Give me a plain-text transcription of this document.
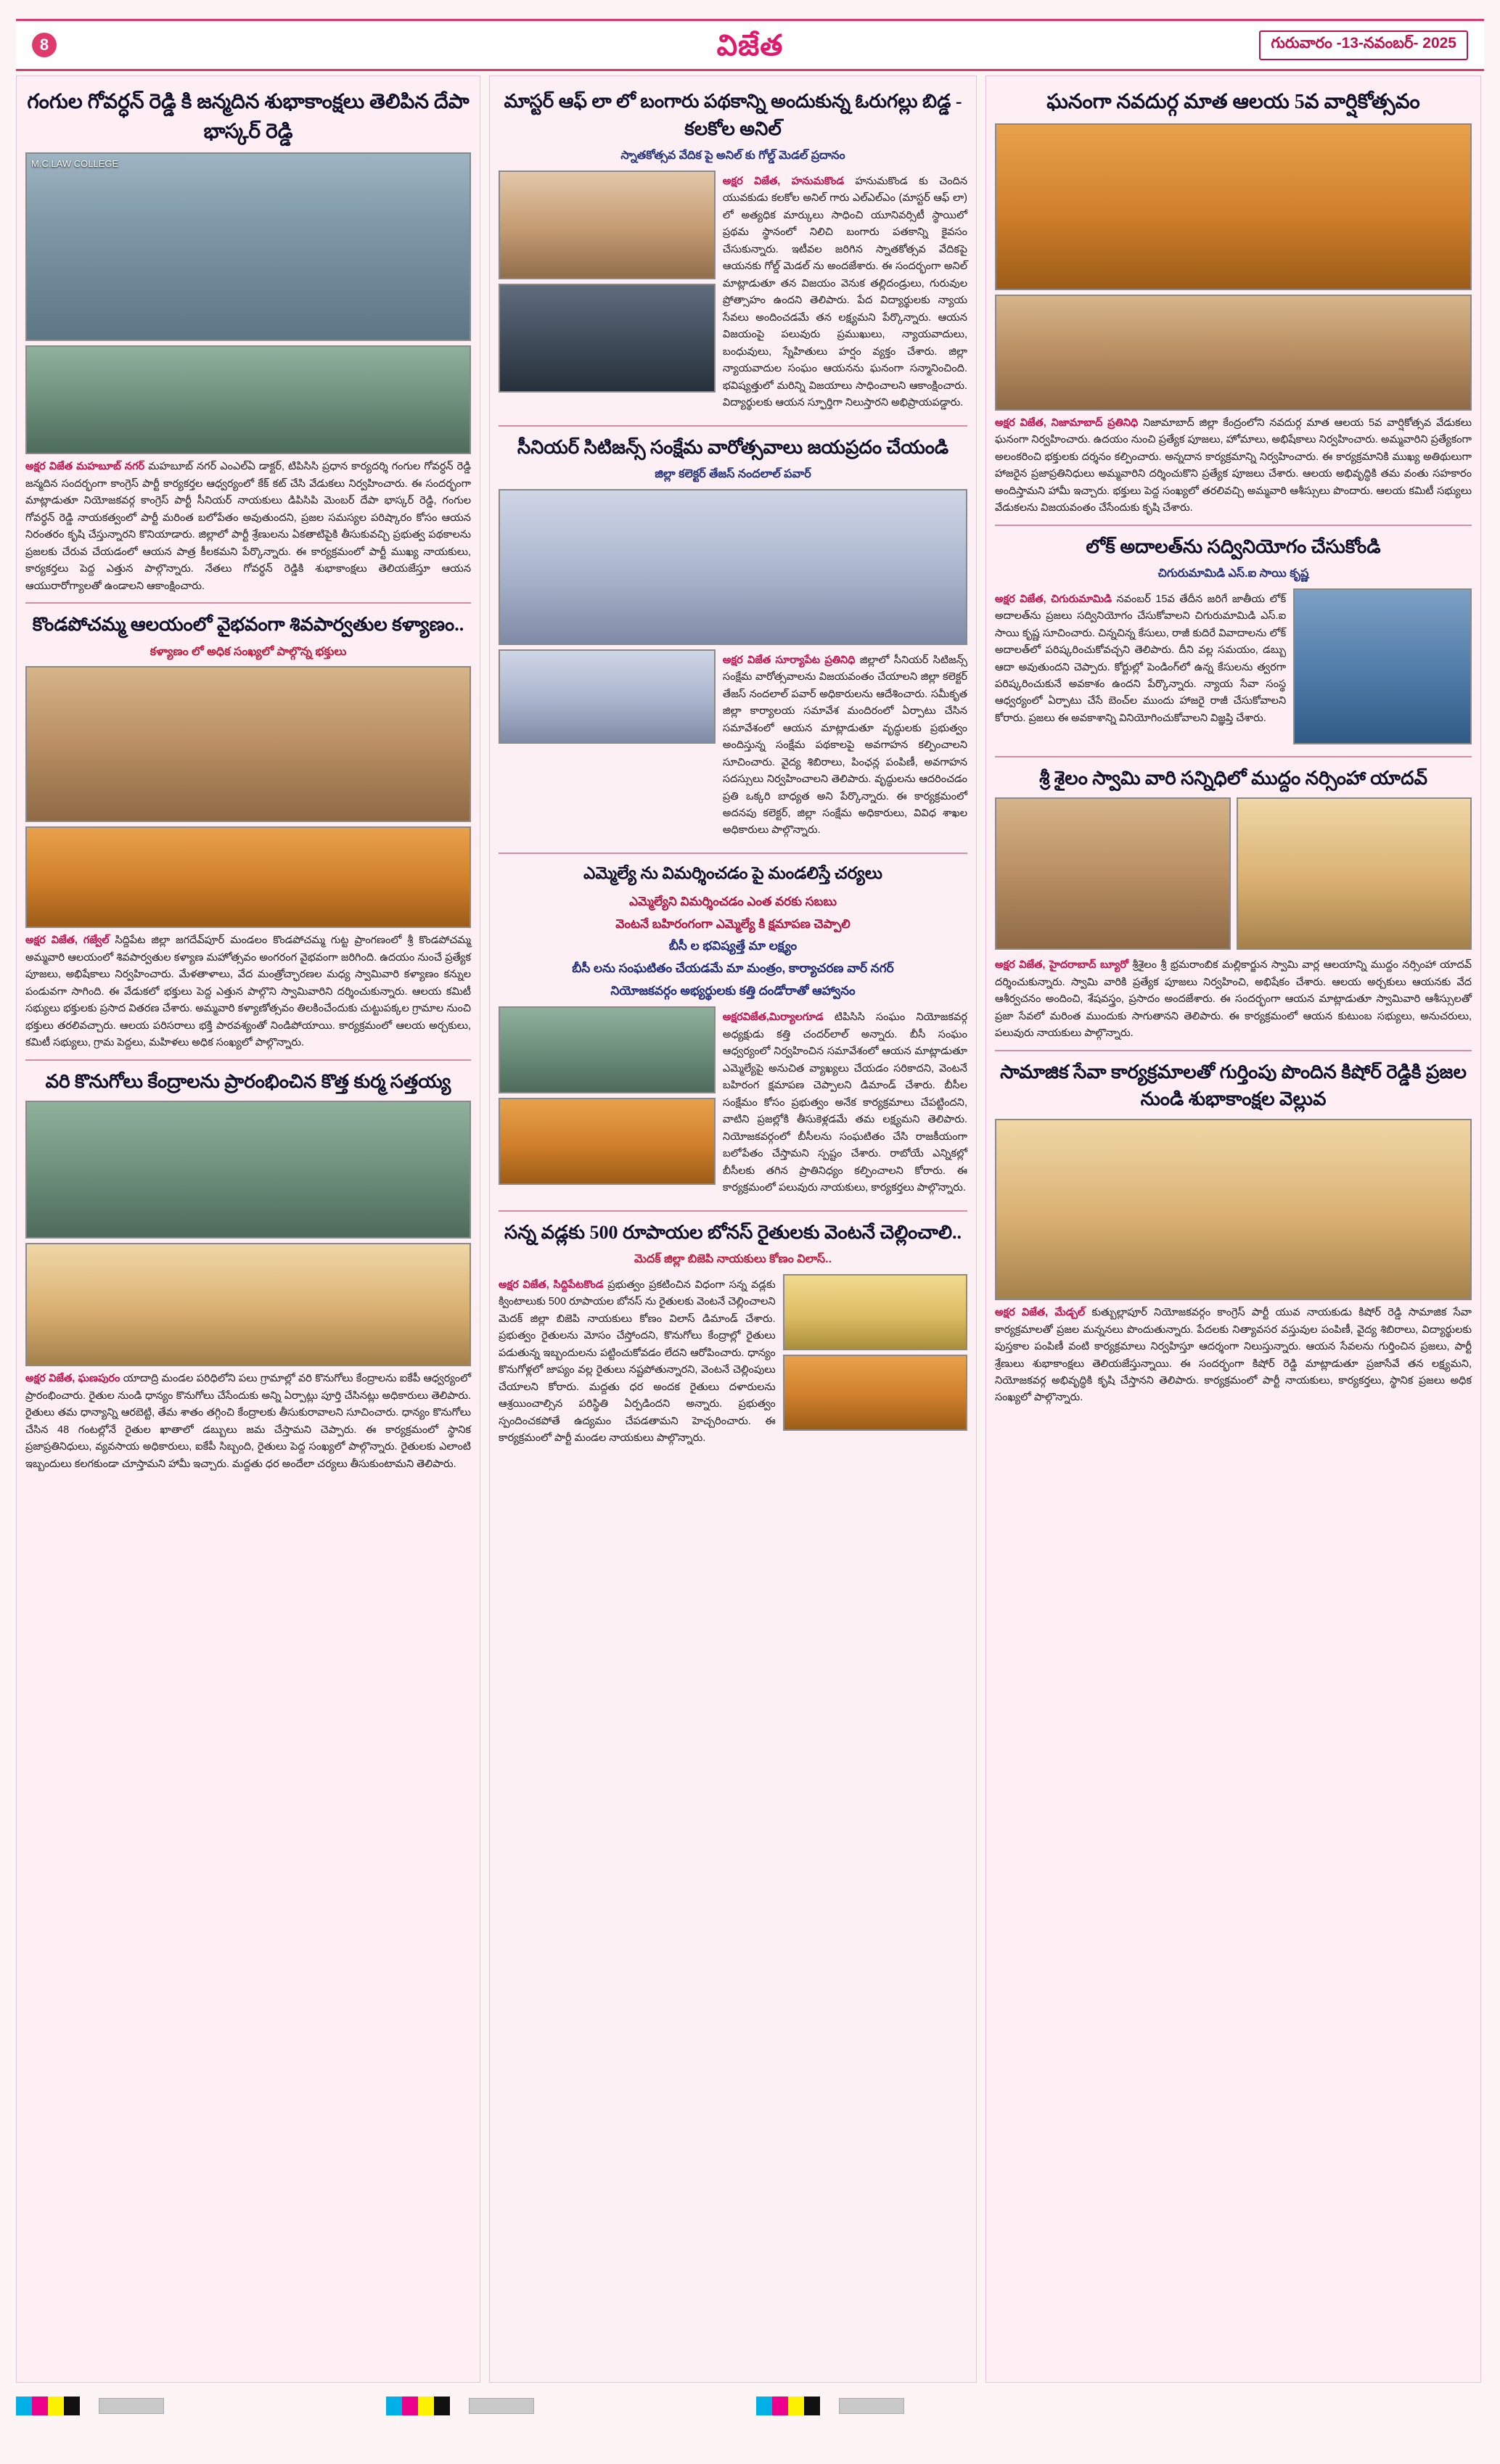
8	విజేత	గురువారం -13-నవంబర్- 2025
గంగుల గోవర్ధన్ రెడ్డి కి జన్మదిన శుభాకాంక్షలు తెలిపిన దేపా భాస్కర్ రెడ్డి
M.C.LAW COLLEGE
అక్షర విజేత మహబూబ్ నగర్ మహబూబ్ నగర్ ఎంఎల్ఏ డాక్టర్, టిపిసిసి ప్రధాన కార్యదర్శి గంగుల గోవర్ధన్ రెడ్డి జన్మదిన సందర్భంగా కాంగ్రెస్ పార్టీ కార్యకర్తల ఆధ్వర్యంలో కేక్ కట్ చేసి వేడుకలు నిర్వహించారు. ఈ సందర్భంగా మాట్లాడుతూ నియోజకవర్గ కాంగ్రెస్ పార్టీ సీనియర్ నాయకులు డిపిసిపి మెంబర్ దేపా భాస్కర్ రెడ్డి, గంగుల గోవర్ధన్ రెడ్డి నాయకత్వంలో పార్టీ మరింత బలోపేతం అవుతుందని, ప్రజల సమస్యల పరిష్కారం కోసం ఆయన నిరంతరం కృషి చేస్తున్నారని కొనియాడారు. జిల్లాలో పార్టీ శ్రేణులను ఏకతాటిపైకి తీసుకువచ్చి ప్రభుత్వ పథకాలను ప్రజలకు చేరువ చేయడంలో ఆయన పాత్ర కీలకమని పేర్కొన్నారు. ఈ కార్యక్రమంలో పార్టీ ముఖ్య నాయకులు, కార్యకర్తలు పెద్ద ఎత్తున పాల్గొన్నారు. నేతలు గోవర్ధన్ రెడ్డికి శుభాకాంక్షలు తెలియజేస్తూ ఆయన ఆయురారోగ్యాలతో ఉండాలని ఆకాంక్షించారు.
కొండపోచమ్మ ఆలయంలో వైభవంగా శివపార్వతుల కళ్యాణం..
కళ్యాణం లో అధిక సంఖ్యలో పాల్గొన్న భక్తులు
అక్షర విజేత, గజ్వేల్ సిద్దిపేట జిల్లా జగదేవ్‌పూర్ మండలం కొండపోచమ్మ గుట్ట ప్రాంగణంలో శ్రీ కొండపోచమ్మ అమ్మవారి ఆలయంలో శివపార్వతుల కళ్యాణ మహోత్సవం అంగరంగ వైభవంగా జరిగింది. ఉదయం నుంచే ప్రత్యేక పూజలు, అభిషేకాలు నిర్వహించారు. మేళతాళాలు, వేద మంత్రోచ్ఛారణల మధ్య స్వామివారి కళ్యాణం కన్నుల పండువగా సాగింది. ఈ వేడుకలో భక్తులు పెద్ద ఎత్తున పాల్గొని స్వామివారిని దర్శించుకున్నారు. ఆలయ కమిటీ సభ్యులు భక్తులకు ప్రసాద వితరణ చేశారు. అమ్మవారి కళ్యాణోత్సవం తిలకించేందుకు చుట్టుపక్కల గ్రామాల నుంచి భక్తులు తరలివచ్చారు. ఆలయ పరిసరాలు భక్తి పారవశ్యంతో నిండిపోయాయి. కార్యక్రమంలో ఆలయ అర్చకులు, కమిటీ సభ్యులు, గ్రామ పెద్దలు, మహిళలు అధిక సంఖ్యలో పాల్గొన్నారు.
వరి కొనుగోలు కేంద్రాలను ప్రారంభించిన కొత్త కుర్మ సత్తయ్య
అక్షర విజేత, ఘణపురం యాదాద్రి మండల పరిధిలోని పలు గ్రామాల్లో వరి కొనుగోలు కేంద్రాలను ఐకేపీ ఆధ్వర్యంలో ప్రారంభించారు. రైతుల నుండి ధాన్యం కొనుగోలు చేసేందుకు అన్ని ఏర్పాట్లు పూర్తి చేసినట్లు అధికారులు తెలిపారు. రైతులు తమ ధాన్యాన్ని ఆరబెట్టి, తేమ శాతం తగ్గించి కేంద్రాలకు తీసుకురావాలని సూచించారు. ధాన్యం కొనుగోలు చేసిన 48 గంటల్లోనే రైతుల ఖాతాలో డబ్బులు జమ చేస్తామని చెప్పారు. ఈ కార్యక్రమంలో స్థానిక ప్రజాప్రతినిధులు, వ్యవసాయ అధికారులు, ఐకేపీ సిబ్బంది, రైతులు పెద్ద సంఖ్యలో పాల్గొన్నారు. రైతులకు ఎలాంటి ఇబ్బందులు కలగకుండా చూస్తామని హామీ ఇచ్చారు. మద్దతు ధర అందేలా చర్యలు తీసుకుంటామని తెలిపారు.
మాస్టర్ ఆఫ్ లా లో బంగారు పథకాన్ని అందుకున్న ఓరుగల్లు బిడ్డ - కలకోల అనిల్
స్నాతకోత్సవ వేదిక పై అనిల్ కు గోల్డ్ మెడల్ ప్రదానం
అక్షర విజేత, హనుమకొండ హనుమకొండ కు చెందిన యువకుడు కలకోల అనిల్ గారు ఎల్ఎల్ఎం (మాస్టర్ ఆఫ్ లా) లో అత్యధిక మార్కులు సాధించి యూనివర్సిటీ స్థాయిలో ప్రథమ స్థానంలో నిలిచి బంగారు పతకాన్ని కైవసం చేసుకున్నారు. ఇటీవల జరిగిన స్నాతకోత్సవ వేదికపై ఆయనకు గోల్డ్ మెడల్ ను అందజేశారు. ఈ సందర్భంగా అనిల్ మాట్లాడుతూ తన విజయం వెనుక తల్లిదండ్రులు, గురువుల ప్రోత్సాహం ఉందని తెలిపారు. పేద విద్యార్థులకు న్యాయ సేవలు అందించడమే తన లక్ష్యమని పేర్కొన్నారు. ఆయన విజయంపై పలువురు ప్రముఖులు, న్యాయవాదులు, బంధువులు, స్నేహితులు హర్షం వ్యక్తం చేశారు. జిల్లా న్యాయవాదుల సంఘం ఆయనను ఘనంగా సన్మానించింది. భవిష్యత్తులో మరిన్ని విజయాలు సాధించాలని ఆకాంక్షించారు. విద్యార్థులకు ఆయన స్ఫూర్తిగా నిలుస్తారని అభిప్రాయపడ్డారు.
సీనియర్ సిటిజన్స్ సంక్షేమ వారోత్సవాలు జయప్రదం చేయండి
జిల్లా కలెక్టర్ తేజస్ నందలాల్ పవార్
అక్షర విజేత సూర్యాపేట ప్రతినిధి జిల్లాలో సీనియర్ సిటిజన్స్ సంక్షేమ వారోత్సవాలను విజయవంతం చేయాలని జిల్లా కలెక్టర్ తేజస్ నందలాల్ పవార్ అధికారులను ఆదేశించారు. సమీకృత జిల్లా కార్యాలయ సమావేశ మందిరంలో ఏర్పాటు చేసిన సమావేశంలో ఆయన మాట్లాడుతూ వృద్ధులకు ప్రభుత్వం అందిస్తున్న సంక్షేమ పథకాలపై అవగాహన కల్పించాలని సూచించారు. వైద్య శిబిరాలు, పింఛన్ల పంపిణీ, అవగాహన సదస్సులు నిర్వహించాలని తెలిపారు. వృద్ధులను ఆదరించడం ప్రతి ఒక్కరి బాధ్యత అని పేర్కొన్నారు. ఈ కార్యక్రమంలో అదనపు కలెక్టర్, జిల్లా సంక్షేమ అధికారులు, వివిధ శాఖల అధికారులు పాల్గొన్నారు.
ఎమ్మెల్యే ను విమర్శించడం పై మండలిస్తే చర్యలు
ఎమ్మెల్యేని విమర్శించడం ఎంత వరకు సబబు
వెంటనే బహిరంగంగా ఎమ్మెల్యే కి క్షమాపణ చెప్పాలి
బీసీ ల భవిష్యత్తే మా లక్ష్యం
బీసీ లను సంఘటితం చేయడమే మా మంత్రం, కార్యాచరణ వార్ నగర్
నియోజకవర్గం అభ్యర్థులకు కత్తి దండోరాతో ఆహ్వానం
అక్షరవిజేత,మిర్యాలగూడ టిపిసిసి సంఘం నియోజకవర్గ అధ్యక్షుడు కత్తి చందర్‌లాల్ అన్నారు. బీసీ సంఘం ఆధ్వర్యంలో నిర్వహించిన సమావేశంలో ఆయన మాట్లాడుతూ ఎమ్మెల్యేపై అనుచిత వ్యాఖ్యలు చేయడం సరికాదని, వెంటనే బహిరంగ క్షమాపణ చెప్పాలని డిమాండ్ చేశారు. బీసీల సంక్షేమం కోసం ప్రభుత్వం అనేక కార్యక్రమాలు చేపట్టిందని, వాటిని ప్రజల్లోకి తీసుకెళ్లడమే తమ లక్ష్యమని తెలిపారు. నియోజకవర్గంలో బీసీలను సంఘటితం చేసి రాజకీయంగా బలోపేతం చేస్తామని స్పష్టం చేశారు. రాబోయే ఎన్నికల్లో బీసీలకు తగిన ప్రాతినిధ్యం కల్పించాలని కోరారు. ఈ కార్యక్రమంలో పలువురు నాయకులు, కార్యకర్తలు పాల్గొన్నారు.
సన్న వడ్లకు 500 రూపాయల బోనస్ రైతులకు వెంటనే చెల్లించాలి..
మెదక్ జిల్లా బిజెపి నాయకులు కోణం విలాస్..
అక్షర విజేత, సిద్దిపేటకొండ ప్రభుత్వం ప్రకటించిన విధంగా సన్న వడ్లకు క్వింటాలుకు 500 రూపాయల బోనస్ ను రైతులకు వెంటనే చెల్లించాలని మెదక్ జిల్లా బిజెపి నాయకులు కోణం విలాస్ డిమాండ్ చేశారు. ప్రభుత్వం రైతులను మోసం చేస్తోందని, కొనుగోలు కేంద్రాల్లో రైతులు పడుతున్న ఇబ్బందులను పట్టించుకోవడం లేదని ఆరోపించారు. ధాన్యం కొనుగోళ్లలో జాప్యం వల్ల రైతులు నష్టపోతున్నారని, వెంటనే చెల్లింపులు చేయాలని కోరారు. మద్దతు ధర అందక రైతులు దళారులను ఆశ్రయించాల్సిన పరిస్థితి ఏర్పడిందని అన్నారు. ప్రభుత్వం స్పందించకపోతే ఉద్యమం చేపడతామని హెచ్చరించారు. ఈ కార్యక్రమంలో పార్టీ మండల నాయకులు పాల్గొన్నారు.
ఘనంగా నవదుర్గ మాత ఆలయ 5వ వార్షికోత్సవం
అక్షర విజేత, నిజామాబాద్ ప్రతినిధి నిజామాబాద్ జిల్లా కేంద్రంలోని నవదుర్గ మాత ఆలయ 5వ వార్షికోత్సవ వేడుకలు ఘనంగా నిర్వహించారు. ఉదయం నుంచి ప్రత్యేక పూజలు, హోమాలు, అభిషేకాలు నిర్వహించారు. అమ్మవారిని ప్రత్యేకంగా అలంకరించి భక్తులకు దర్శనం కల్పించారు. అన్నదాన కార్యక్రమాన్ని నిర్వహించారు. ఈ కార్యక్రమానికి ముఖ్య అతిథులుగా హాజరైన ప్రజాప్రతినిధులు అమ్మవారిని దర్శించుకొని ప్రత్యేక పూజలు చేశారు. ఆలయ అభివృద్ధికి తమ వంతు సహకారం అందిస్తామని హామీ ఇచ్చారు. భక్తులు పెద్ద సంఖ్యలో తరలివచ్చి అమ్మవారి ఆశీస్సులు పొందారు. ఆలయ కమిటీ సభ్యులు వేడుకలను విజయవంతం చేసేందుకు కృషి చేశారు.
లోక్ అదాలత్‌ను సద్వినియోగం చేసుకోండి
చిగురుమామిడి ఎస్.ఐ సాయి కృష్ణ
అక్షర విజేత, చిగురుమామిడి నవంబర్ 15వ తేదీన జరిగే జాతీయ లోక్ అదాలత్‌ను ప్రజలు సద్వినియోగం చేసుకోవాలని చిగురుమామిడి ఎస్.ఐ సాయి కృష్ణ సూచించారు. చిన్నచిన్న కేసులు, రాజీ కుదిరే వివాదాలను లోక్ అదాలత్‌లో పరిష్కరించుకోవచ్చని తెలిపారు. దీని వల్ల సమయం, డబ్బు ఆదా అవుతుందని చెప్పారు. కోర్టుల్లో పెండింగ్‌లో ఉన్న కేసులను త్వరగా పరిష్కరించుకునే అవకాశం ఉందని పేర్కొన్నారు. న్యాయ సేవా సంస్థ ఆధ్వర్యంలో ఏర్పాటు చేసే బెంచ్‌ల ముందు హాజరై రాజీ చేసుకోవాలని కోరారు. ప్రజలు ఈ అవకాశాన్ని వినియోగించుకోవాలని విజ్ఞప్తి చేశారు.
శ్రీ శైలం స్వామి వారి సన్నిధిలో ముద్దం నర్సింహా యాదవ్
అక్షర విజేత, హైదరాబాద్ బ్యూరో శ్రీశైలం శ్రీ భ్రమరాంబిక మల్లికార్జున స్వామి వార్ల ఆలయాన్ని ముద్దం నర్సింహా యాదవ్ దర్శించుకున్నారు. స్వామి వారికి ప్రత్యేక పూజలు నిర్వహించి, అభిషేకం చేశారు. ఆలయ అర్చకులు ఆయనకు వేద ఆశీర్వచనం అందించి, శేషవస్త్రం, ప్రసాదం అందజేశారు. ఈ సందర్భంగా ఆయన మాట్లాడుతూ స్వామివారి ఆశీస్సులతో ప్రజా సేవలో మరింత ముందుకు సాగుతానని తెలిపారు. ఈ కార్యక్రమంలో ఆయన కుటుంబ సభ్యులు, అనుచరులు, పలువురు నాయకులు పాల్గొన్నారు.
సామాజిక సేవా కార్యక్రమాలతో గుర్తింపు పొందిన కిషోర్ రెడ్డికి ప్రజల నుండి శుభాకాంక్షల వెల్లువ
అక్షర విజేత, మేడ్చల్ కుత్బుల్లాపూర్ నియోజకవర్గం కాంగ్రెస్ పార్టీ యువ నాయకుడు కిషోర్ రెడ్డి సామాజిక సేవా కార్యక్రమాలతో ప్రజల మన్ననలు పొందుతున్నారు. పేదలకు నిత్యావసర వస్తువుల పంపిణీ, వైద్య శిబిరాలు, విద్యార్థులకు పుస్తకాల పంపిణీ వంటి కార్యక్రమాలు నిర్వహిస్తూ ఆదర్శంగా నిలుస్తున్నారు. ఆయన సేవలను గుర్తించిన ప్రజలు, పార్టీ శ్రేణులు శుభాకాంక్షలు తెలియజేస్తున్నాయి. ఈ సందర్భంగా కిషోర్ రెడ్డి మాట్లాడుతూ ప్రజాసేవే తన లక్ష్యమని, నియోజకవర్గ అభివృద్ధికి కృషి చేస్తానని తెలిపారు. కార్యక్రమంలో పార్టీ నాయకులు, కార్యకర్తలు, స్థానిక ప్రజలు అధిక సంఖ్యలో పాల్గొన్నారు.
